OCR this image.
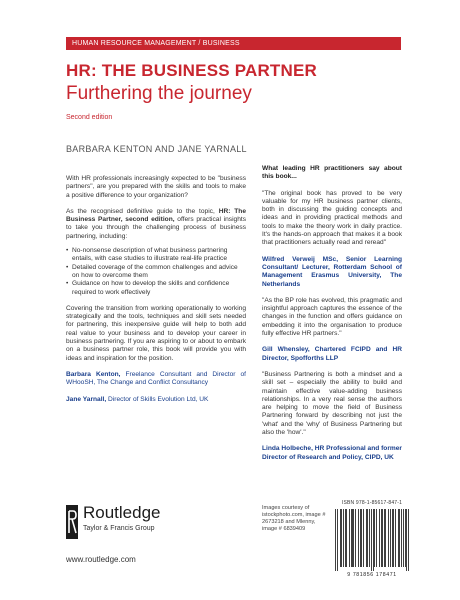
HUMAN RESOURCE MANAGEMENT / BUSINESS
HR: THE BUSINESS PARTNER
Furthering the journey
Second edition
BARBARA KENTON AND JANE YARNALL

With HR professionals increasingly expected to be "business partners", are you prepared with the skills and tools to make a positive difference to your organization?

As the recognised definitive guide to the topic, HR: The Business Partner, second edition, offers practical insights to take you through the challenging process of business partnering, including:

• No-nonsense description of what business partnering entails, with case studies to illustrate real-life practice
• Detailed coverage of the common challenges and advice on how to overcome them
• Guidance on how to develop the skills and confidence required to work effectively

Covering the transition from working operationally to working strategically and the tools, techniques and skill sets needed for partnering, this inexpensive guide will help to both add real value to your business and to develop your career in business partnering. If you are aspiring to or about to embark on a business partner role, this book will provide you with ideas and inspiration for the position.

Barbara Kenton, Freelance Consultant and Director of WHooSH, The Change and Conflict Consultancy

Jane Yarnall, Director of Skills Evolution Ltd, UK

What leading HR practitioners say about this book...

"The original book has proved to be very valuable for my HR business partner clients, both in discussing the guiding concepts and ideas and in providing practical methods and tools to make the theory work in daily practice. It's the hands-on approach that makes it a book that practitioners actually read and reread"

Wilfred Verweij MSc, Senior Learning Consultant/ Lecturer, Rotterdam School of Management Erasmus University, The Netherlands

"As the BP role has evolved, this pragmatic and insightful approach captures the essence of the changes in the function and offers guidance on embedding it into the organisation to produce fully effective HR partners."

Gill Whensley, Chartered FCIPD and HR Director, Spofforths LLP

"Business Partnering is both a mindset and a skill set – especially the ability to build and maintain effective value-adding business relationships. In a very real sense the authors are helping to move the field of Business Partnering forward by describing not just the 'what' and the 'why' of Business Partnering but also the 'how'."

Linda Holbeche, HR Professional and former Director of Research and Policy, CIPD, UK

Routledge
Taylor & Francis Group
www.routledge.com
Images courtesy of istockphoto.com, image # 2673218 and Mlenny, image # 6839409
ISBN 978-1-85617-847-1
9 781856 178471
